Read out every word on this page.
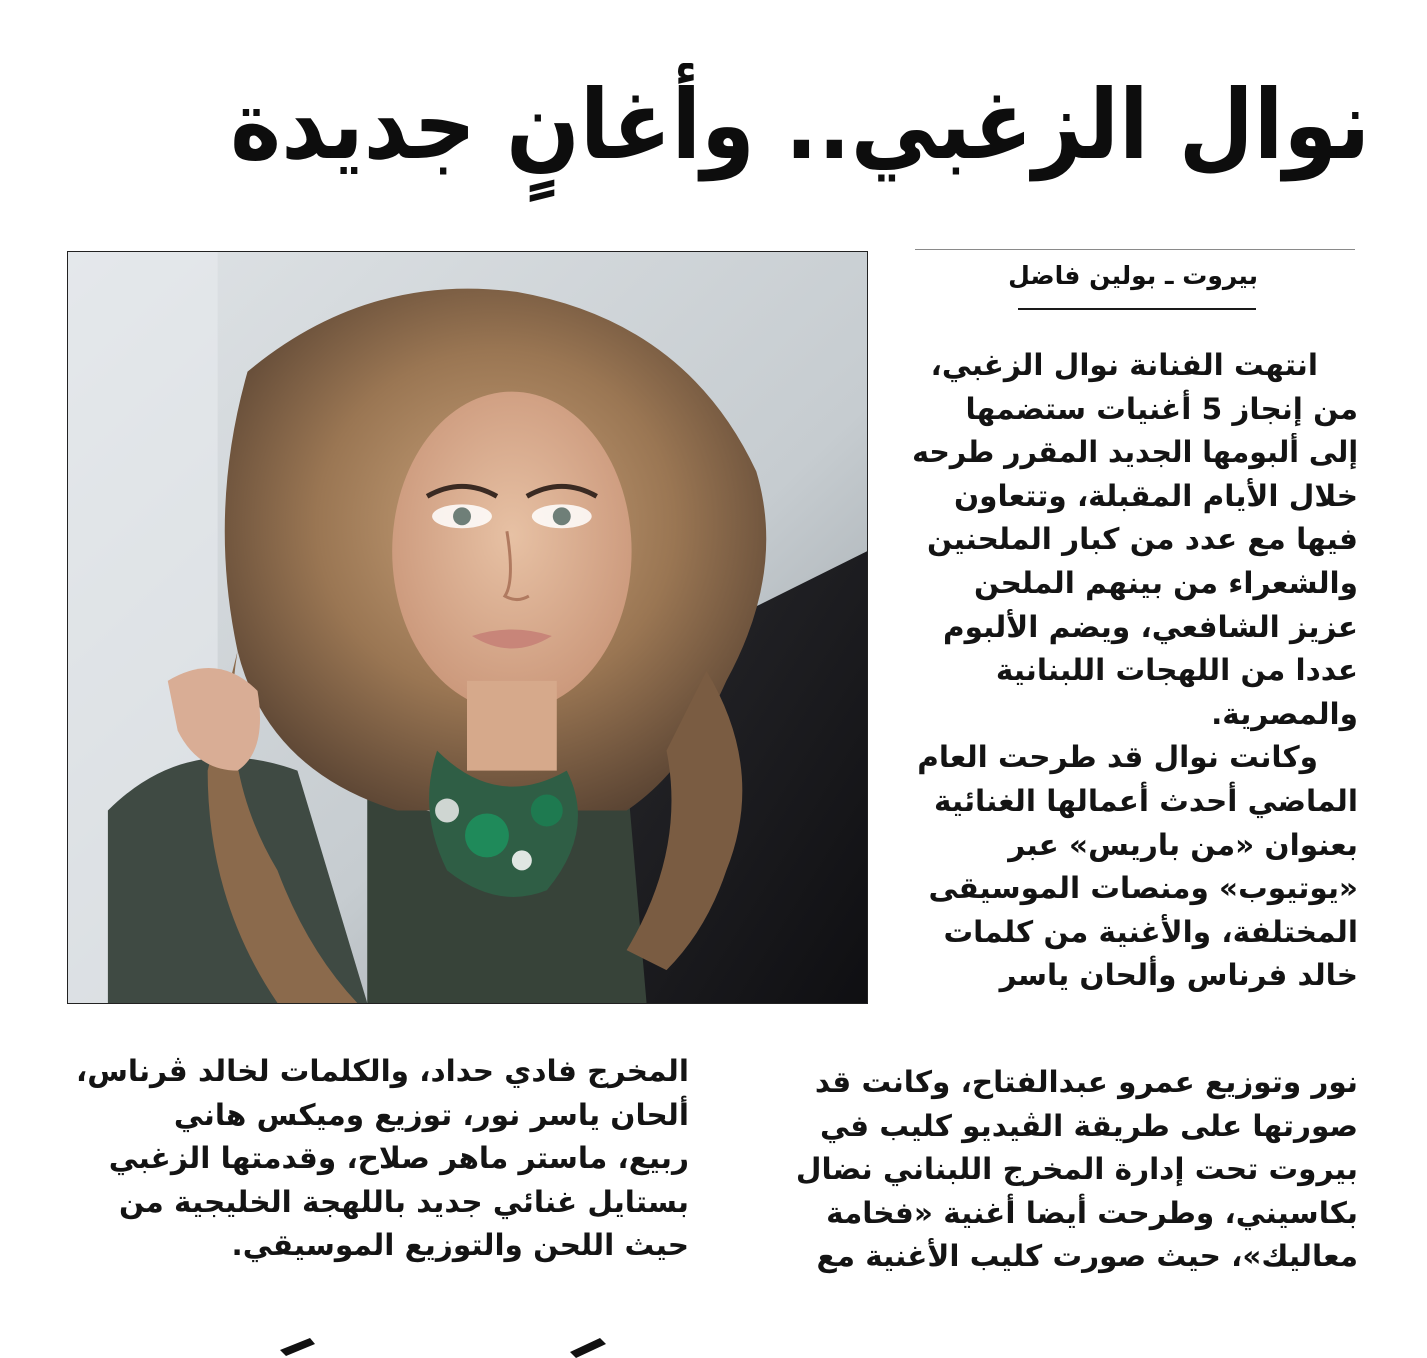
نوال الزغبي.. وأغانٍ جديدة
بيروت ـ بولين فاضل
انتهت الفنانة نوال الزغبي،
من إنجاز 5 أغنيات ستضمها
إلى ألبومها الجديد المقرر طرحه
خلال الأيام المقبلة، وتتعاون
فيها مع عدد من كبار الملحنين
والشعراء من بينهم الملحن
عزيز الشافعي، ويضم الألبوم
عددا من اللهجات اللبنانية
والمصرية.
وكانت نوال قد طرحت العام
الماضي أحدث أعمالها الغنائية
بعنوان «من باريس» عبر
«يوتيوب» ومنصات الموسيقى
المختلفة، والأغنية من كلمات
خالد فرناس وألحان ياسر
نور وتوزيع عمرو عبدالفتاح، وكانت قد
صورتها على طريقة الڤيديو كليب في
بيروت تحت إدارة المخرج اللبناني نضال
بكاسيني، وطرحت أيضا أغنية «فخامة
معاليك»، حيث صورت كليب الأغنية مع
المخرج فادي حداد، والكلمات لخالد ڤرناس،
ألحان ياسر نور، توزيع وميكس هاني
ربيع، ماستر ماهر صلاح، وقدمتها الزغبي
بستايل غنائي جديد باللهجة الخليجية من
حيث اللحن والتوزيع الموسيقي.
